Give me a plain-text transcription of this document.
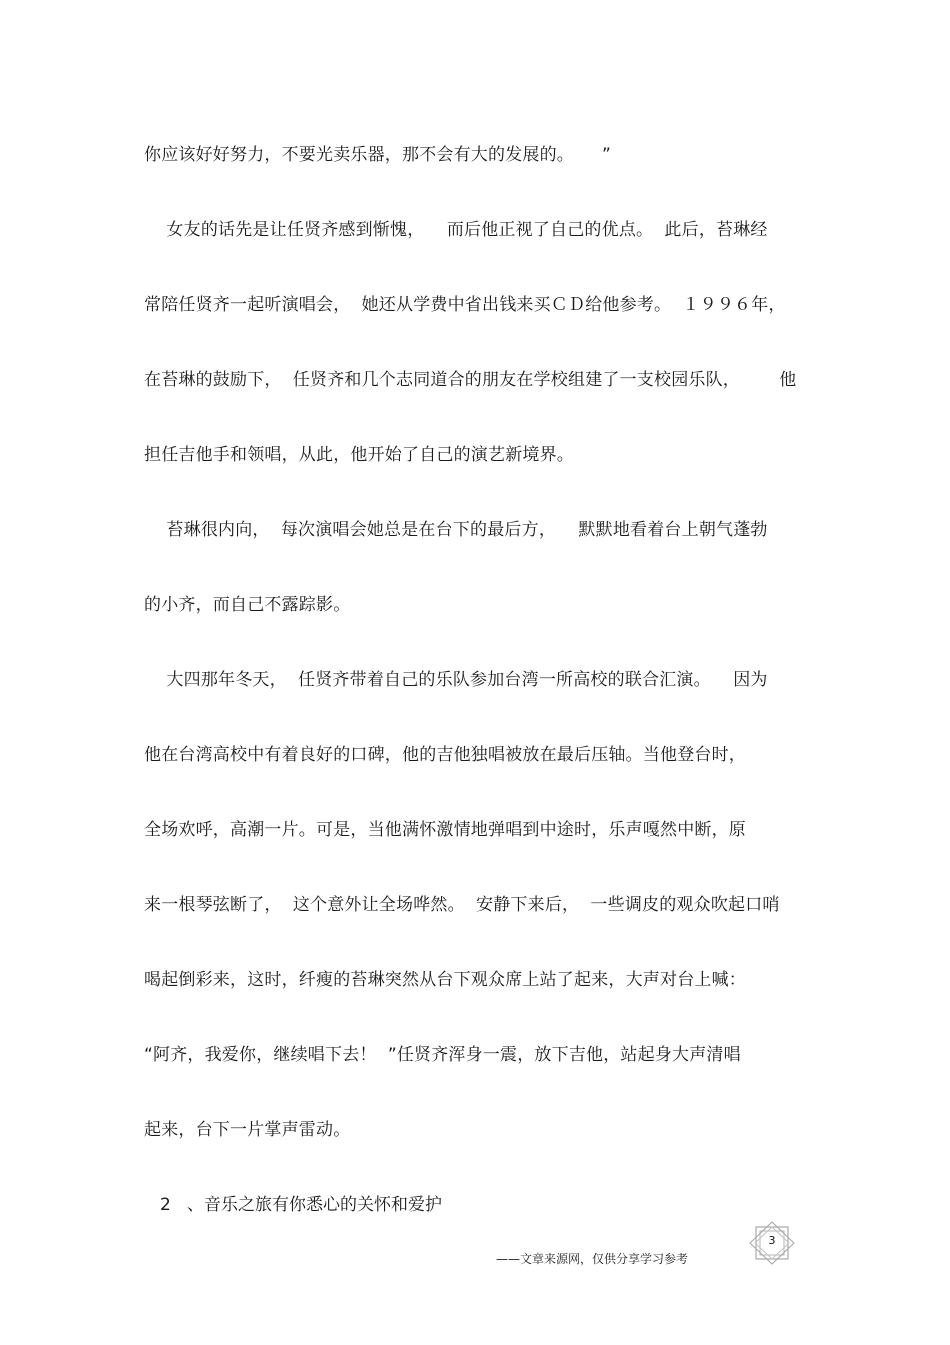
你应该好好努力，不要光卖乐器，那不会有大的发展的。     ”
女友的话先是让任贤齐感到惭愧，    而后他正视了自己的优点。  此后，苔琳经
常陪任贤齐一起听演唱会，  她还从学费中省出钱来买ＣＤ给他参考。  １９９６年，
在苔琳的鼓励下，  任贤齐和几个志同道合的朋友在学校组建了一支校园乐队，       他
担任吉他手和领唱，从此，他开始了自己的演艺新境界。
苔琳很内向，  每次演唱会她总是在台下的最后方，    默默地看着台上朝气蓬勃
的小齐，而自己不露踪影。
大四那年冬天，  任贤齐带着自己的乐队参加台湾一所高校的联合汇演。    因为
他在台湾高校中有着良好的口碑，他的吉他独唱被放在最后压轴。当他登台时，
全场欢呼，高潮一片。可是，当他满怀激情地弹唱到中途时，乐声嘎然中断，原
来一根琴弦断了，  这个意外让全场哗然。  安静下来后，  一些调皮的观众吹起口哨
喝起倒彩来，这时，纤瘦的苔琳突然从台下观众席上站了起来，大声对台上喊：
“阿齐，我爱你，继续唱下去！  ”任贤齐浑身一震，放下吉他，站起身大声清唱
起来，台下一片掌声雷动。
2   、音乐之旅有你悉心的关怀和爱护
3
——文章来源网，仅供分享学习参考
